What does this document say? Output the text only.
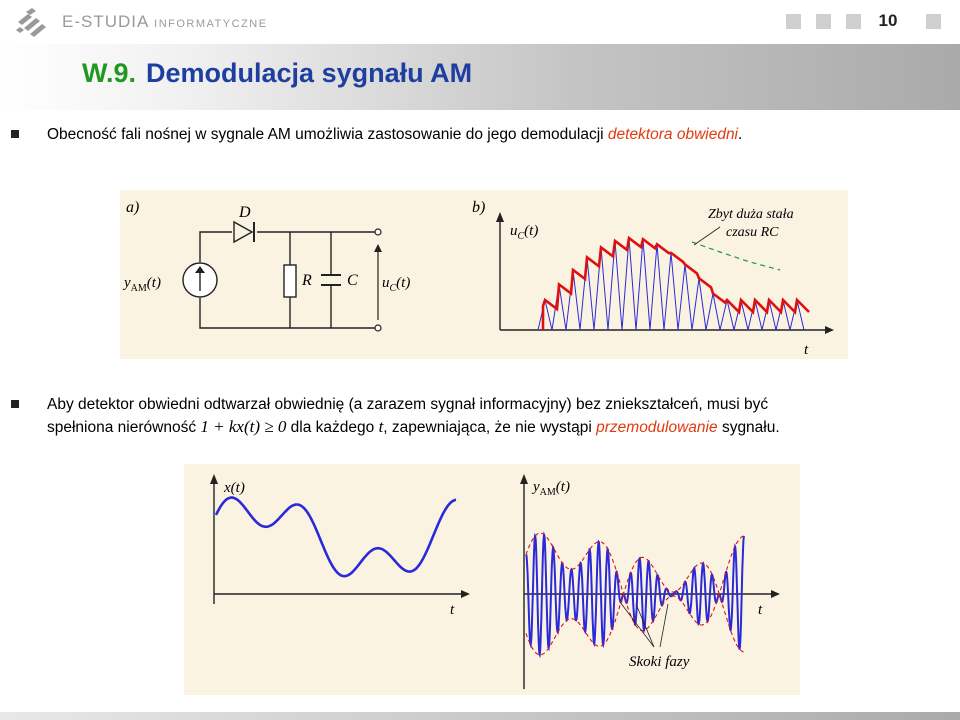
E-STUDIA INFORMATYCZNE	10
W.9. Demodulacja sygnału AM
Obecność fali nośnej w sygnale AM umożliwia zastosowanie do jego demodulacji detektora obwiedni.
a)	D
R C
$y_{AM}(t)$	$u_C(t)$
b)
$u_C(t)$
t
Zbyt duża stała
czasu RC
Aby detektor obwiedni odtwarzał obwiednię (a zarazem sygnał informacyjny) bez zniekształceń, musi być
spełniona nierówność 1 + kx(t) ≥ 0 dla każdego t, zapewniająca, że nie wystąpi przemodulowanie sygnału.
x(t)
t
$y_{AM}(t)$
t
Skoki fazy
